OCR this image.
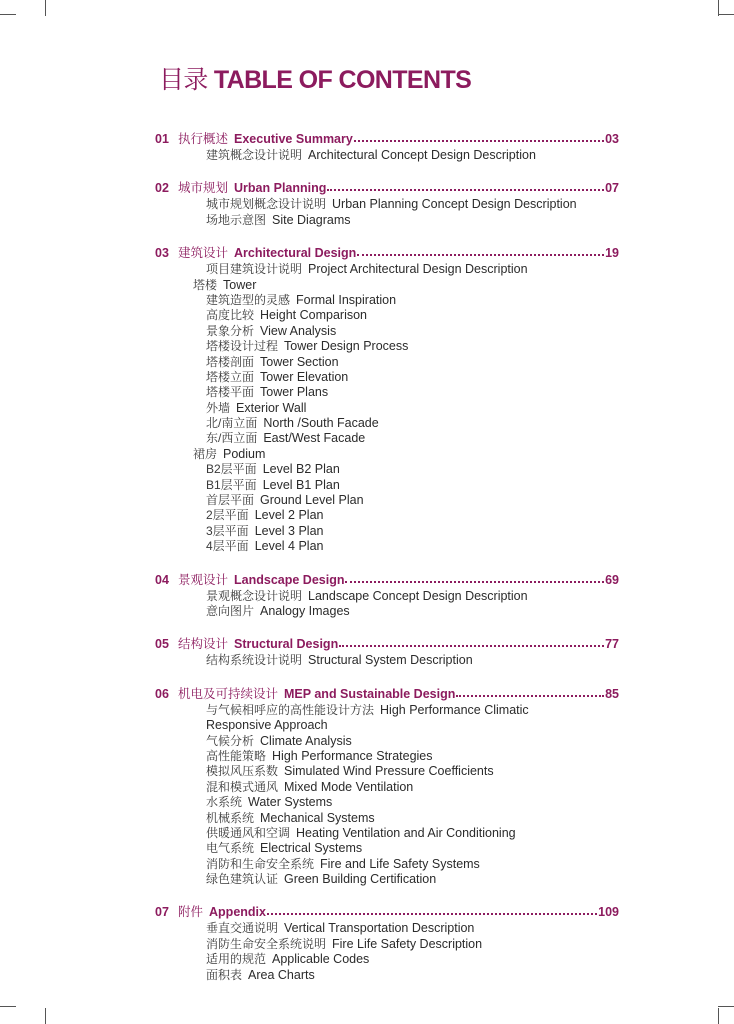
目录 TABLE OF CONTENTS
01 执行概述 Executive Summary	03
建筑概念设计说明 Architectural Concept Design Description
02 城市规划 Urban Planning	07
城市规划概念设计说明 Urban Planning Concept Design Description
场地示意图 Site Diagrams
03 建筑设计 Architectural Design	19
项目建筑设计说明 Project Architectural Design Description
塔楼 Tower
建筑造型的灵感 Formal Inspiration
高度比较 Height Comparison
景象分析 View Analysis
塔楼设计过程 Tower Design Process
塔楼剖面 Tower Section
塔楼立面 Tower Elevation
塔楼平面 Tower Plans
外墙 Exterior Wall
北/南立面 North /South Facade
东/西立面 East/West Facade
裙房 Podium
B2层平面 Level B2 Plan
B1层平面 Level B1 Plan
首层平面 Ground Level Plan
2层平面 Level 2 Plan
3层平面 Level 3 Plan
4层平面 Level 4 Plan
04 景观设计 Landscape Design	69
景观概念设计说明 Landscape Concept Design Description
意向图片 Analogy Images
05 结构设计 Structural Design	77
结构系统设计说明 Structural System Description
06 机电及可持续设计 MEP and Sustainable Design	85
与气候相呼应的高性能设计方法 High Performance Climatic
Responsive Approach
气候分析 Climate Analysis
高性能策略 High Performance Strategies
模拟风压系数 Simulated Wind Pressure Coefficients
混和模式通风 Mixed Mode Ventilation
水系统 Water Systems
机械系统 Mechanical Systems
供暖通风和空调 Heating Ventilation and Air Conditioning
电气系统 Electrical Systems
消防和生命安全系统 Fire and Life Safety Systems
绿色建筑认证 Green Building Certification
07 附件 Appendix	109
垂直交通说明 Vertical Transportation Description
消防生命安全系统说明 Fire Life Safety Description
适用的规范 Applicable Codes
面积表 Area Charts
